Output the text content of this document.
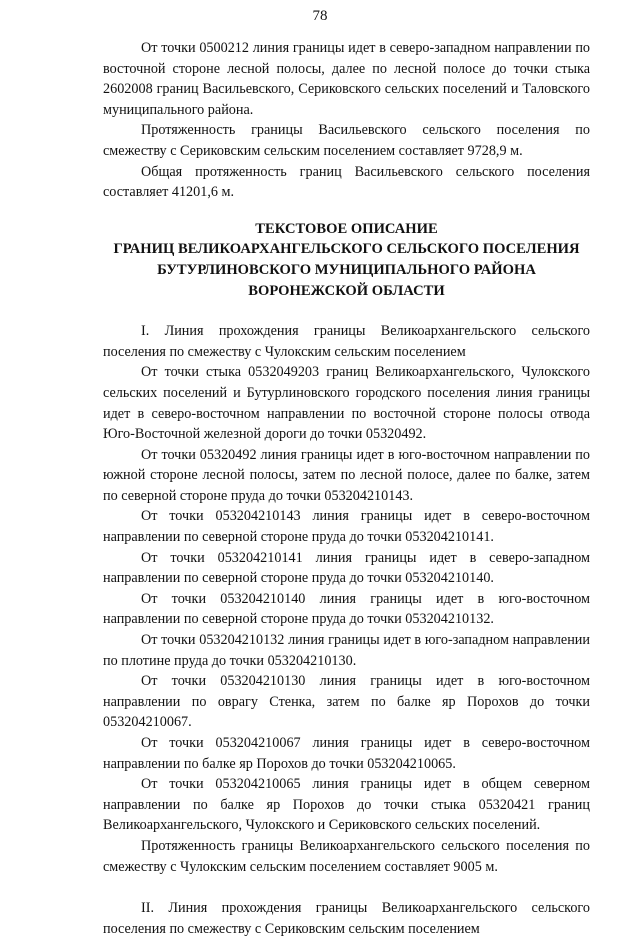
78

От точки 0500212 линия границы идет в северо-западном направлении по восточной стороне лесной полосы, далее по лесной полосе до точки стыка 2602008 границ Васильевского, Сериковского сельских поселений и Таловского муниципального района.

Протяженность границы Васильевского сельского поселения по смежеству с Сериковским сельским поселением составляет 9728,9 м.

Общая протяженность границ Васильевского сельского поселения составляет 41201,6 м.

ТЕКСТОВОЕ ОПИСАНИЕ
ГРАНИЦ ВЕЛИКОАРХАНГЕЛЬСКОГО СЕЛЬСКОГО ПОСЕЛЕНИЯ
БУТУРЛИНОВСКОГО МУНИЦИПАЛЬНОГО РАЙОНА
ВОРОНЕЖСКОЙ ОБЛАСТИ

I. Линия прохождения границы Великоархангельского сельского поселения по смежеству с Чулокским сельским поселением

От точки стыка 0532049203 границ Великоархангельского, Чулокского сельских поселений и Бутурлиновского городского поселения линия границы идет в северо-восточном направлении по восточной стороне полосы отвода Юго-Восточной железной дороги до точки 05320492.

От точки 05320492 линия границы идет в юго-восточном направлении по южной стороне лесной полосы, затем по лесной полосе, далее по балке, затем по северной стороне пруда до точки 053204210143.

От точки 053204210143 линия границы идет в северо-восточном направлении по северной стороне пруда до точки 053204210141.

От точки 053204210141 линия границы идет в северо-западном направлении по северной стороне пруда до точки 053204210140.

От точки 053204210140 линия границы идет в юго-восточном направлении по северной стороне пруда до точки 053204210132.

От точки 053204210132 линия границы идет в юго-западном направлении по плотине пруда до точки 053204210130.

От точки 053204210130 линия границы идет в юго-восточном направлении по оврагу Стенка, затем по балке яр Порохов до точки 053204210067.

От точки 053204210067 линия границы идет в северо-восточном направлении по балке яр Порохов до точки 053204210065.

От точки 053204210065 линия границы идет в общем северном направлении по балке яр Порохов до точки стыка 05320421 границ Великоархангельского, Чулокского и Сериковского сельских поселений.

Протяженность границы Великоархангельского сельского поселения по смежеству с Чулокским сельским поселением составляет 9005 м.

II. Линия прохождения границы Великоархангельского сельского поселения по смежеству с Сериковским сельским поселением
